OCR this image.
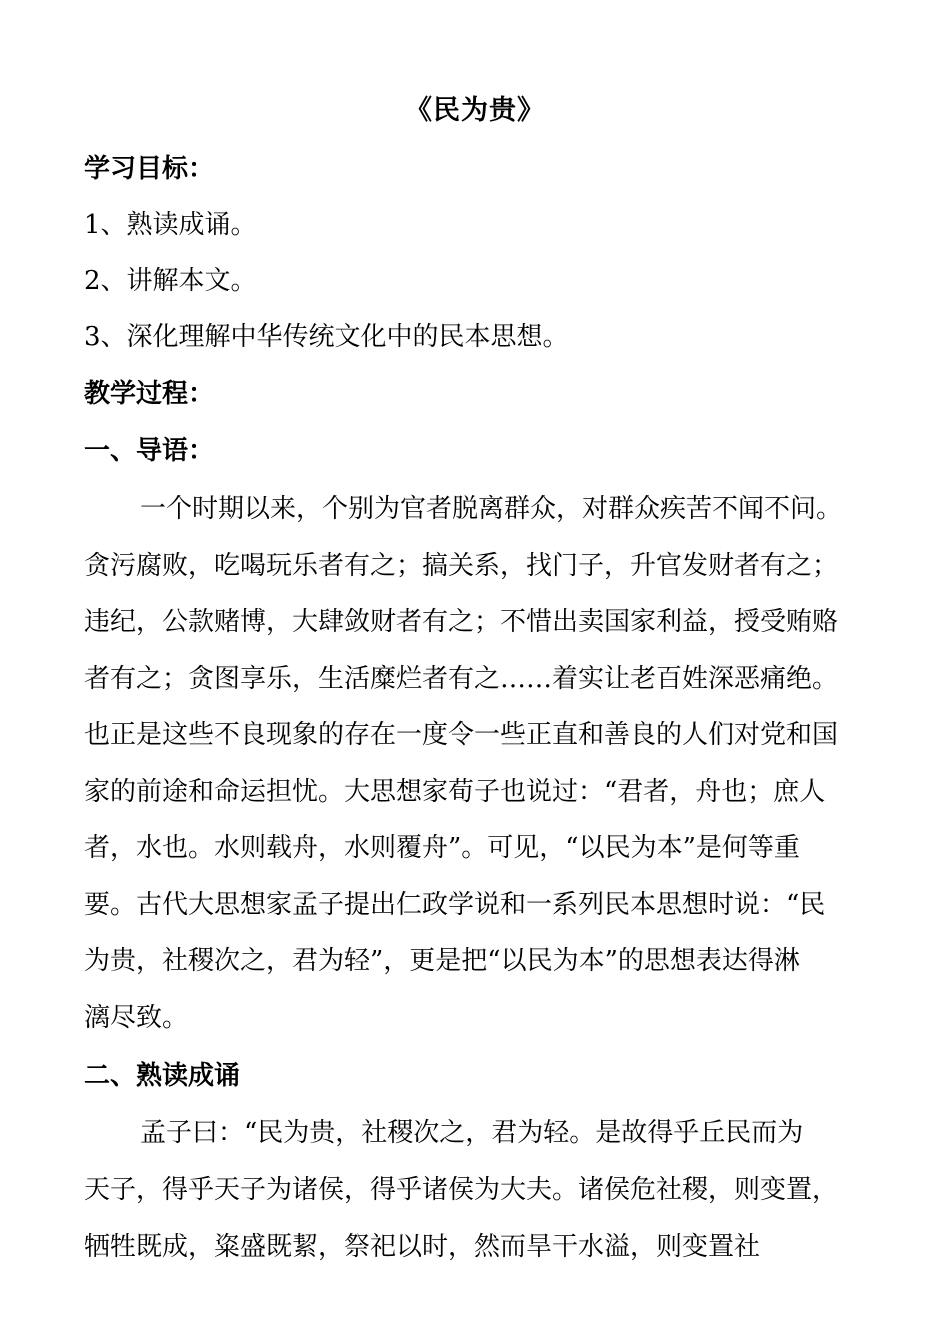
《民为贵》
学习目标：
1、熟读成诵。
2、讲解本文。
3、深化理解中华传统文化中的民本思想。
教学过程：
一、导语：
一个时期以来，个别为官者脱离群众，对群众疾苦不闻不问。
贪污腐败，吃喝玩乐者有之；搞关系，找门子，升官发财者有之；
违纪，公款赌博，大肆敛财者有之；不惜出卖国家利益，授受贿赂
者有之；贪图享乐，生活糜烂者有之……着实让老百姓深恶痛绝。
也正是这些不良现象的存在一度令一些正直和善良的人们对党和国
家的前途和命运担忧。大思想家荀子也说过：“君者，舟也；庶人
者，水也。水则载舟，水则覆舟”。可见，“以民为本”是何等重
要。古代大思想家孟子提出仁政学说和一系列民本思想时说：“民
为贵，社稷次之，君为轻”，更是把“以民为本”的思想表达得淋
漓尽致。
二、熟读成诵
孟子曰：“民为贵，社稷次之，君为轻。是故得乎丘民而为
天子，得乎天子为诸侯，得乎诸侯为大夫。诸侯危社稷，则变置，
牺牲既成，粢盛既絜，祭祀以时，然而旱干水溢，则变置社
